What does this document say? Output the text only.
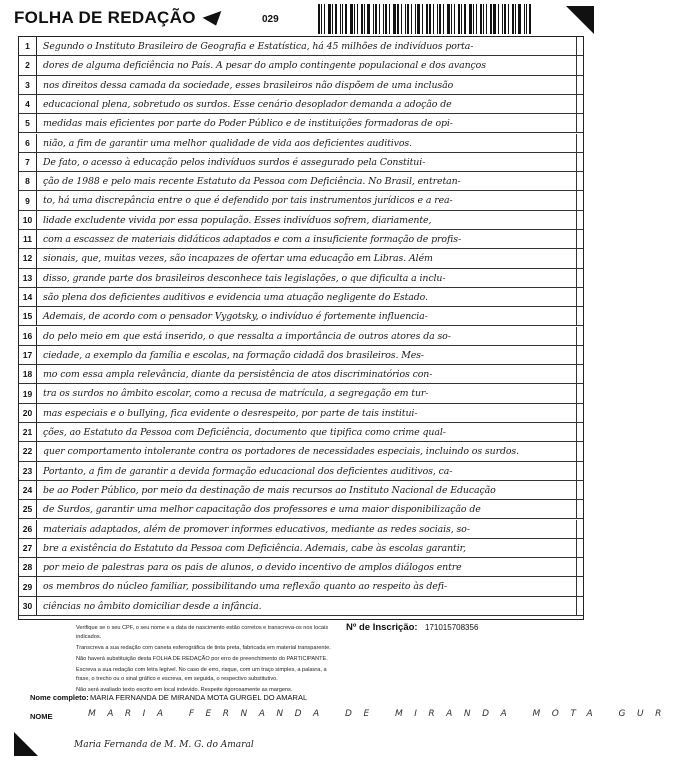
FOLHA DE REDAÇÃO	029
1	Segundo o Instituto Brasileiro de Geografia e Estatística, há 45 milhões de indivíduos porta-
2	dores de alguma deficiência no País. A pesar do amplo contingente populacional e dos avanços
3	nos direitos dessa camada da sociedade, esses brasileiros não dispõem de uma inclusão
4	educacional plena, sobretudo os surdos. Esse cenário desoplador demanda a adoção de
5	medidas mais eficientes por parte do Poder Público e de instituições formadoras de opi-
6	nião, a fim de garantir uma melhor qualidade de vida aos deficientes auditivos.
7	De fato, o acesso à educação pelos indivíduos surdos é assegurado pela Constitui-
8	ção de 1988 e pelo mais recente Estatuto da Pessoa com Deficiência. No Brasil, entretan-
9	to, há uma discrepância entre o que é defendido por tais instrumentos jurídicos e a rea-
10	lidade excludente vivida por essa população. Esses indivíduos sofrem, diariamente,
11	com a escassez de materiais didáticos adaptados e com a insuficiente formação de profis-
12	sionais, que, muitas vezes, são incapazes de ofertar uma educação em Libras. Além
13	disso, grande parte dos brasileiros desconhece tais legislações, o que dificulta a inclu-
14	são plena dos deficientes auditivos e evidencia uma atuação negligente do Estado.
15	Ademais, de acordo com o pensador Vygotsky, o indivíduo é fortemente influencia-
16	do pelo meio em que está inserido, o que ressalta a importância de outros atores da so-
17	ciedade, a exemplo da família e escolas, na formação cidadã dos brasileiros. Mes-
18	mo com essa ampla relevância, diante da persistência de atos discriminatórios con-
19	tra os surdos no âmbito escolar, como a recusa de matrícula, a segregação em tur-
20	mas especiais e o bullying, fica evidente o desrespeito, por parte de tais institui-
21	ções, ao Estatuto da Pessoa com Deficiência, documento que tipifica como crime qual-
22	quer comportamento intolerante contra os portadores de necessidades especiais, incluindo os surdos.
23	Portanto, a fim de garantir a devida formação educacional dos deficientes auditivos, ca-
24	be ao Poder Público, por meio da destinação de mais recursos ao Instituto Nacional de Educação
25	de Surdos, garantir uma melhor capacitação dos professores e uma maior disponibilização de
26	materiais adaptados, além de promover informes educativos, mediante as redes sociais, so-
27	bre a existência do Estatuto da Pessoa com Deficiência. Ademais, cabe às escolas garantir,
28	por meio de palestras para os pais de alunos, o devido incentivo de amplos diálogos entre
29	os membros do núcleo familiar, possibilitando uma reflexão quanto ao respeito às defi-
30	ciências no âmbito domiciliar desde a infância.

Verifique se o seu CPF, o seu nome e a data de nascimento estão corretos e transcreva-os nos locais indicados.

Transcreva a sua redação com caneta esferográfica de tinta preta, fabricada em material transparente.

Não haverá substituição desta FOLHA DE REDAÇÃO por erro de preenchimento do PARTICIPANTE.

Escreva a sua redação com letra legível. No caso de erro, risque, com um traço simples, a palavra, a frase, o trecho ou o sinal gráfico e escreva, em seguida, o respectivo substitutivo.

Não será avaliado texto escrito em local indevido. Respeite rigorosamente as margens.

Nº de Inscrição: 171015708356
Nome completo: MARIA FERNANDA DE MIRANDA MOTA GURGEL DO AMARAL
NOME	MARIA FERNANDA DE MIRANDA MOTA GUR
Maria Fernanda de M. M. G. do Amaral
